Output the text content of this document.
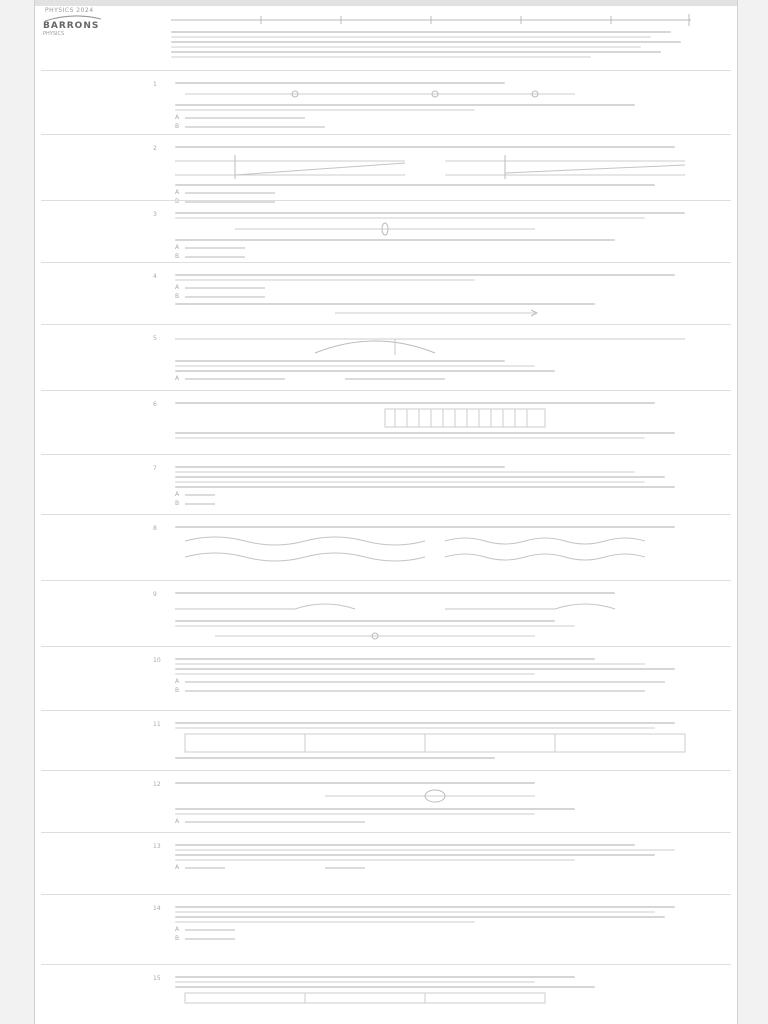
PHYSICS 2024
BARRONS
PHYSICS
1
A
B
2
A
B
3
A
B
4
A
B
5
A
6
7
A
B
8
9
10
A
B
11
12
A
13
A
14
A
B
15
